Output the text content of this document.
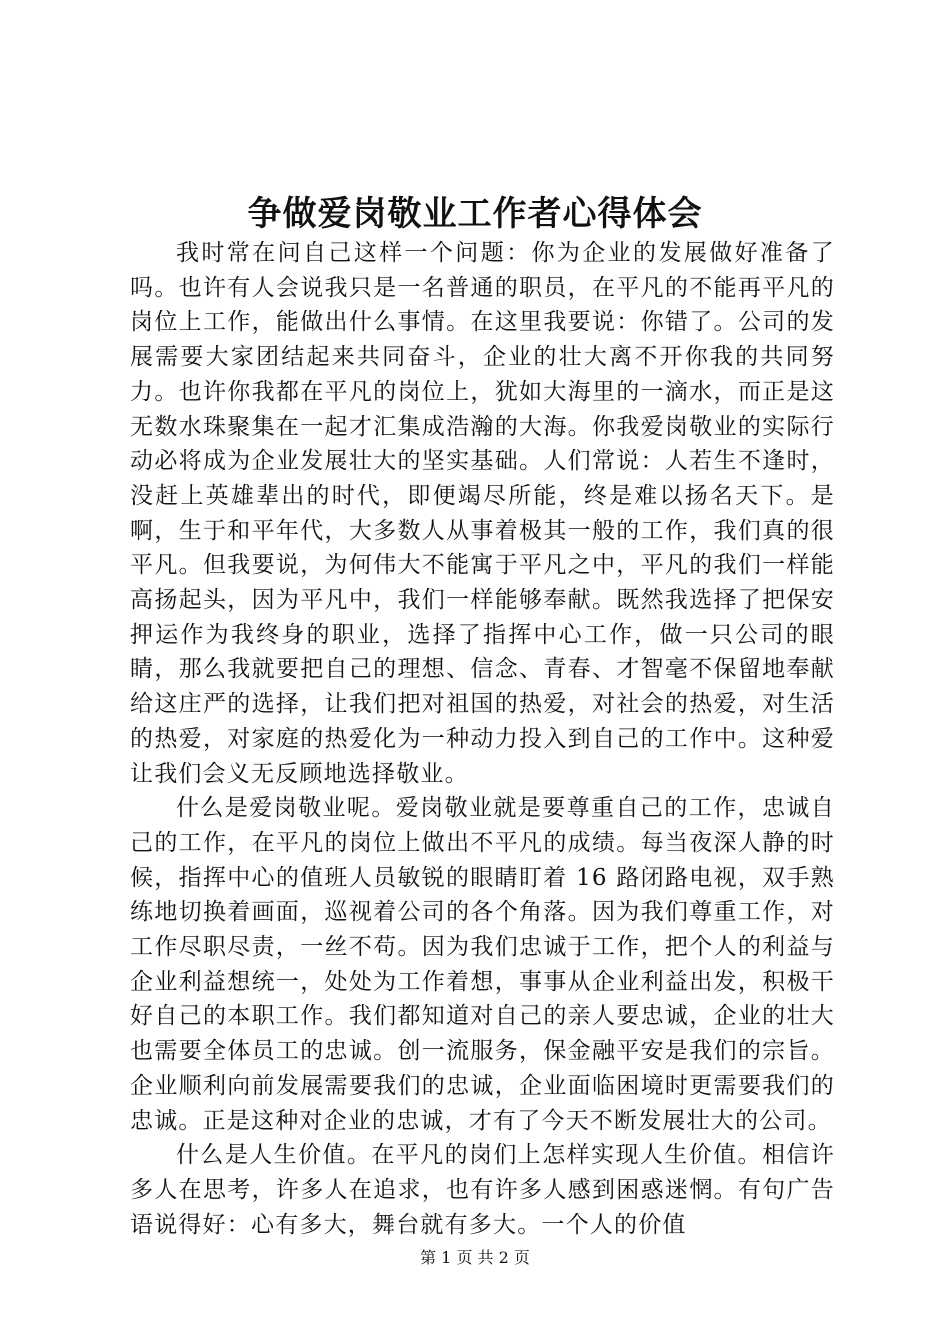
争做爱岗敬业工作者心得体会

我时常在问自己这样一个问题：你为企业的发展做好准备了吗。也许有人会说我只是一名普通的职员，在平凡的不能再平凡的岗位上工作，能做出什么事情。在这里我要说：你错了。公司的发展需要大家团结起来共同奋斗，企业的壮大离不开你我的共同努力。也许你我都在平凡的岗位上，犹如大海里的一滴水，而正是这无数水珠聚集在一起才汇集成浩瀚的大海。你我爱岗敬业的实际行动必将成为企业发展壮大的坚实基础。人们常说：人若生不逢时，没赶上英雄辈出的时代，即便竭尽所能，终是难以扬名天下。是啊，生于和平年代，大多数人从事着极其一般的工作，我们真的很平凡。但我要说，为何伟大不能寓于平凡之中，平凡的我们一样能高扬起头，因为平凡中，我们一样能够奉献。既然我选择了把保安押运作为我终身的职业，选择了指挥中心工作，做一只公司的眼睛，那么我就要把自己的理想、信念、青春、才智毫不保留地奉献给这庄严的选择，让我们把对祖国的热爱，对社会的热爱，对生活的热爱，对家庭的热爱化为一种动力投入到自己的工作中。这种爱让我们会义无反顾地选择敬业。

什么是爱岗敬业呢。爱岗敬业就是要尊重自己的工作，忠诚自己的工作，在平凡的岗位上做出不平凡的成绩。每当夜深人静的时候，指挥中心的值班人员敏锐的眼睛盯着 16 路闭路电视，双手熟练地切换着画面，巡视着公司的各个角落。因为我们尊重工作，对工作尽职尽责，一丝不苟。因为我们忠诚于工作，把个人的利益与企业利益想统一，处处为工作着想，事事从企业利益出发，积极干好自己的本职工作。我们都知道对自己的亲人要忠诚，企业的壮大也需要全体员工的忠诚。创一流服务，保金融平安是我们的宗旨。企业顺利向前发展需要我们的忠诚，企业面临困境时更需要我们的忠诚。正是这种对企业的忠诚，才有了今天不断发展壮大的公司。

什么是人生价值。在平凡的岗们上怎样实现人生价值。相信许多人在思考，许多人在追求，也有许多人感到困惑迷惘。有句广告语说得好：心有多大，舞台就有多大。一个人的价值

第 1 页 共 2 页
